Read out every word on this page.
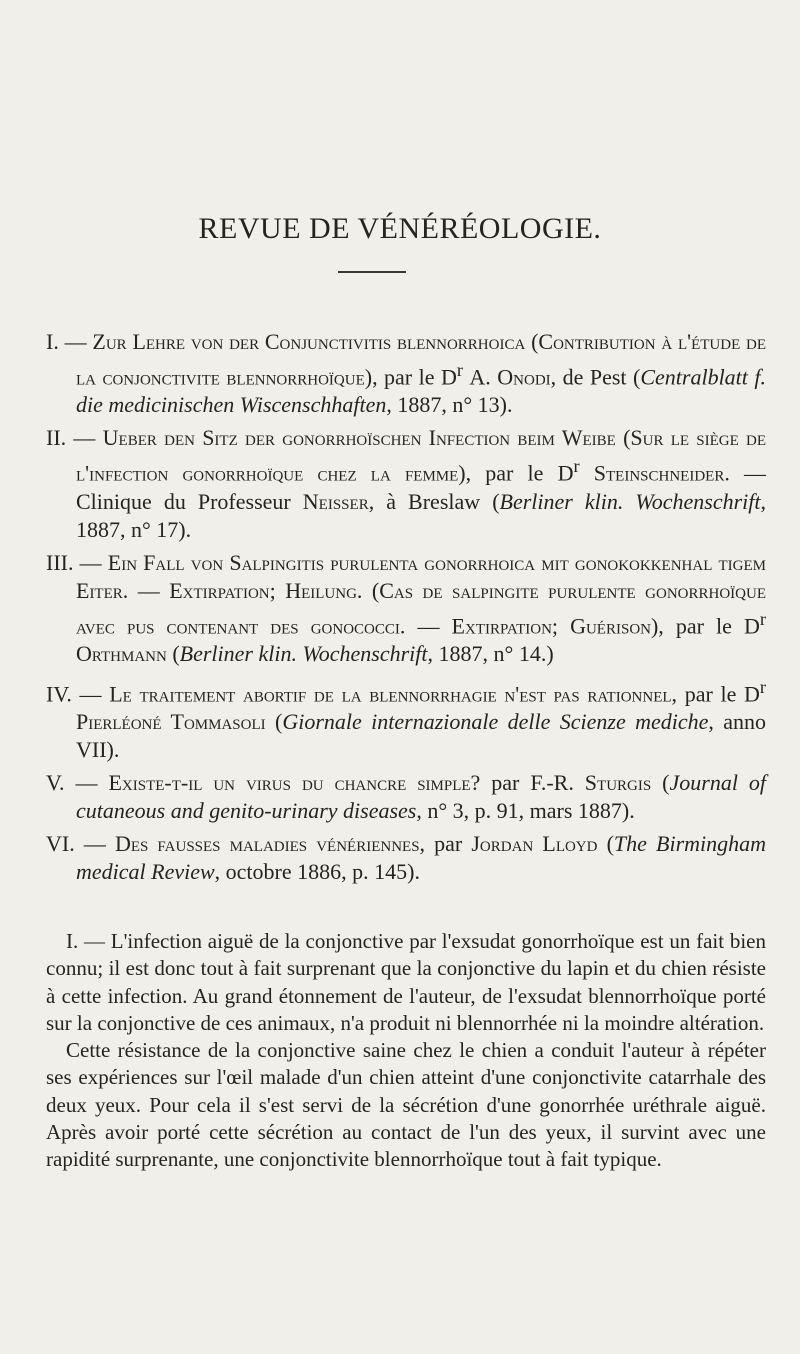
REVUE DE VÉNÉRÉOLOGIE.

I. — Zur Lehre von der Conjunctivitis blennorrhoica (Contribution à l'étude de la conjonctivite blennorrhoïque), par le $D^r$ A. Onodi, de Pest (Centralblatt f. die medicinischen Wiscenschhaften, 1887, n° 13).

II. — Ueber den Sitz der gonorrhoïschen Infection beim Weibe (Sur le siège de l'infection gonorrhoïque chez la femme), par le $D^r$ Steinschneider. — Clinique du Professeur Neisser, à Breslaw (Berliner klin. Wochenschrift, 1887, n° 17).

III. — Ein Fall von Salpingitis purulenta gonorrhoica mit gonokokkenhal tigem Eiter. — Extirpation; Heilung. (Cas de salpingite purulente gonorrhoïque avec pus contenant des gonococci. — Extirpation; Guérison), par le $D^r$ Orthmann (Berliner klin. Wochenschrift, 1887, n° 14.)

IV. — Le traitement abortif de la blennorrhagie n'est pas rationnel, par le $D^r$ Pierléoné Tommasoli (Giornale internazionale delle Scienze mediche, anno VII).

V. — Existe-t-il un virus du chancre simple? par F.-R. Sturgis (Journal of cutaneous and genito-urinary diseases, n° 3, p. 91, mars 1887).

VI. — Des fausses maladies vénériennes, par Jordan Lloyd (The Birmingham medical Review, octobre 1886, p. 145).

I. — L'infection aiguë de la conjonctive par l'exsudat gonorrhoïque est un fait bien connu; il est donc tout à fait surprenant que la conjonctive du lapin et du chien résiste à cette infection. Au grand étonnement de l'auteur, de l'exsudat blennorrhoïque porté sur la conjonctive de ces animaux, n'a produit ni blennorrhée ni la moindre altération.

Cette résistance de la conjonctive saine chez le chien a conduit l'auteur à répéter ses expériences sur l'œil malade d'un chien atteint d'une conjonctivite catarrhale des deux yeux. Pour cela il s'est servi de la sécrétion d'une gonorrhée uréthrale aiguë. Après avoir porté cette sécrétion au contact de l'un des yeux, il survint avec une rapidité surprenante, une conjonctivite blennorrhoïque tout à fait typique.
